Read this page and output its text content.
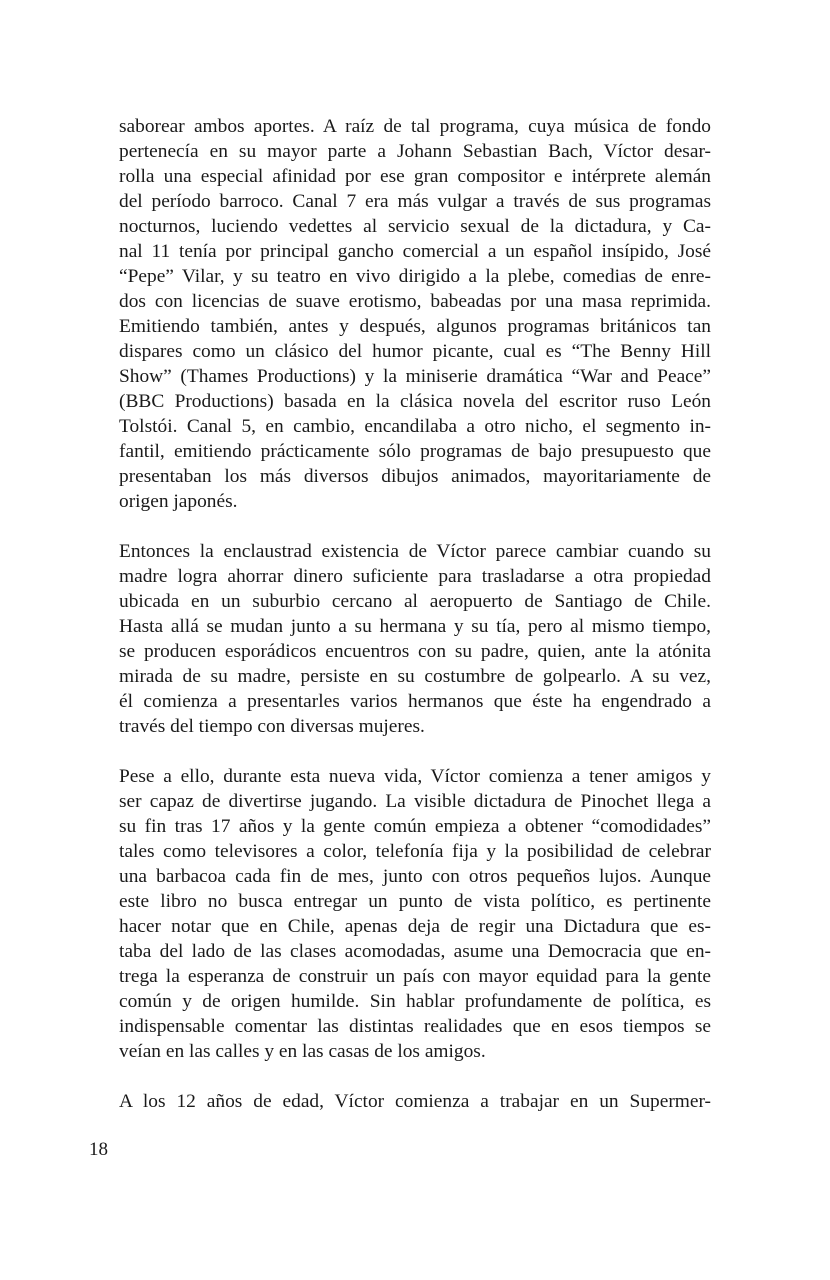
saborear ambos aportes. A raíz de tal programa, cuya música de fondo
pertenecía en su mayor parte a Johann Sebastian Bach, Víctor desar-
rolla una especial afinidad por ese gran compositor e intérprete alemán
del período barroco. Canal 7 era más vulgar a través de sus programas
nocturnos, luciendo vedettes al servicio sexual de la dictadura, y Ca-
nal 11 tenía por principal gancho comercial a un español insípido, José
“Pepe” Vilar, y su teatro en vivo dirigido a la plebe, comedias de enre-
dos con licencias de suave erotismo, babeadas por una masa reprimida.
Emitiendo también, antes y después, algunos programas británicos tan
dispares como un clásico del humor picante, cual es “The Benny Hill
Show” (Thames Productions) y la miniserie dramática “War and Peace”
(BBC Productions) basada en la clásica novela del escritor ruso León
Tolstói. Canal 5, en cambio, encandilaba a otro nicho, el segmento in-
fantil, emitiendo prácticamente sólo programas de bajo presupuesto que
presentaban los más diversos dibujos animados, mayoritariamente de
origen japonés.
Entonces la enclaustrad existencia de Víctor parece cambiar cuando su
madre logra ahorrar dinero suficiente para trasladarse a otra propiedad
ubicada en un suburbio cercano al aeropuerto de Santiago de Chile.
Hasta allá se mudan junto a su hermana y su tía, pero al mismo tiempo,
se producen esporádicos encuentros con su padre, quien, ante la atónita
mirada de su madre, persiste en su costumbre de golpearlo. A su vez,
él comienza a presentarles varios hermanos que éste ha engendrado a
través del tiempo con diversas mujeres.
Pese a ello, durante esta nueva vida, Víctor comienza a tener amigos y
ser capaz de divertirse jugando. La visible dictadura de Pinochet llega a
su fin tras 17 años y la gente común empieza a obtener “comodidades”
tales como televisores a color, telefonía fija y la posibilidad de celebrar
una barbacoa cada fin de mes, junto con otros pequeños lujos. Aunque
este libro no busca entregar un punto de vista político, es pertinente
hacer notar que en Chile, apenas deja de regir una Dictadura que es-
taba del lado de las clases acomodadas, asume una Democracia que en-
trega la esperanza de construir un país con mayor equidad para la gente
común y de origen humilde. Sin hablar profundamente de política, es
indispensable comentar las distintas realidades que en esos tiempos se
veían en las calles y en las casas de los amigos.
A los 12 años de edad, Víctor comienza a trabajar en un Supermer-
18
